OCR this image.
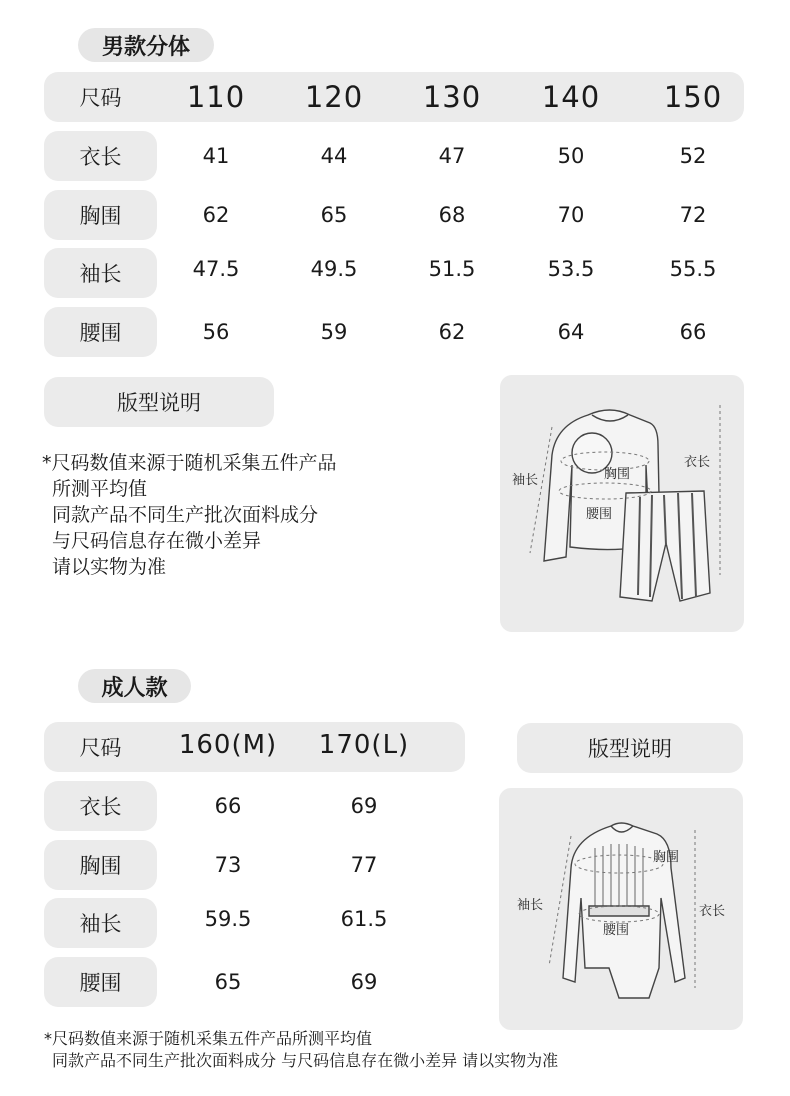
男款分体
尺码	110	120	130	140	150
衣长	41	44	47	50	52
胸围	62	65	68	70	72
袖长	47.5	49.5	51.5	53.5	55.5
腰围	56	59	62	64	66
版型说明
*尺码数值来源于随机采集五件产品
所测平均值
同款产品不同生产批次面料成分
与尺码信息存在微小差异
请以实物为准
袖长	胸围
腰围
衣长
成人款
尺码	160(M)	170(L)	版型说明
衣长	66	69
胸围	73	77
袖长	59.5	61.5
腰围	65	69
袖长
胸围
腰围
衣长
*尺码数值来源于随机采集五件产品所测平均值
同款产品不同生产批次面料成分 与尺码信息存在微小差异 请以实物为准
